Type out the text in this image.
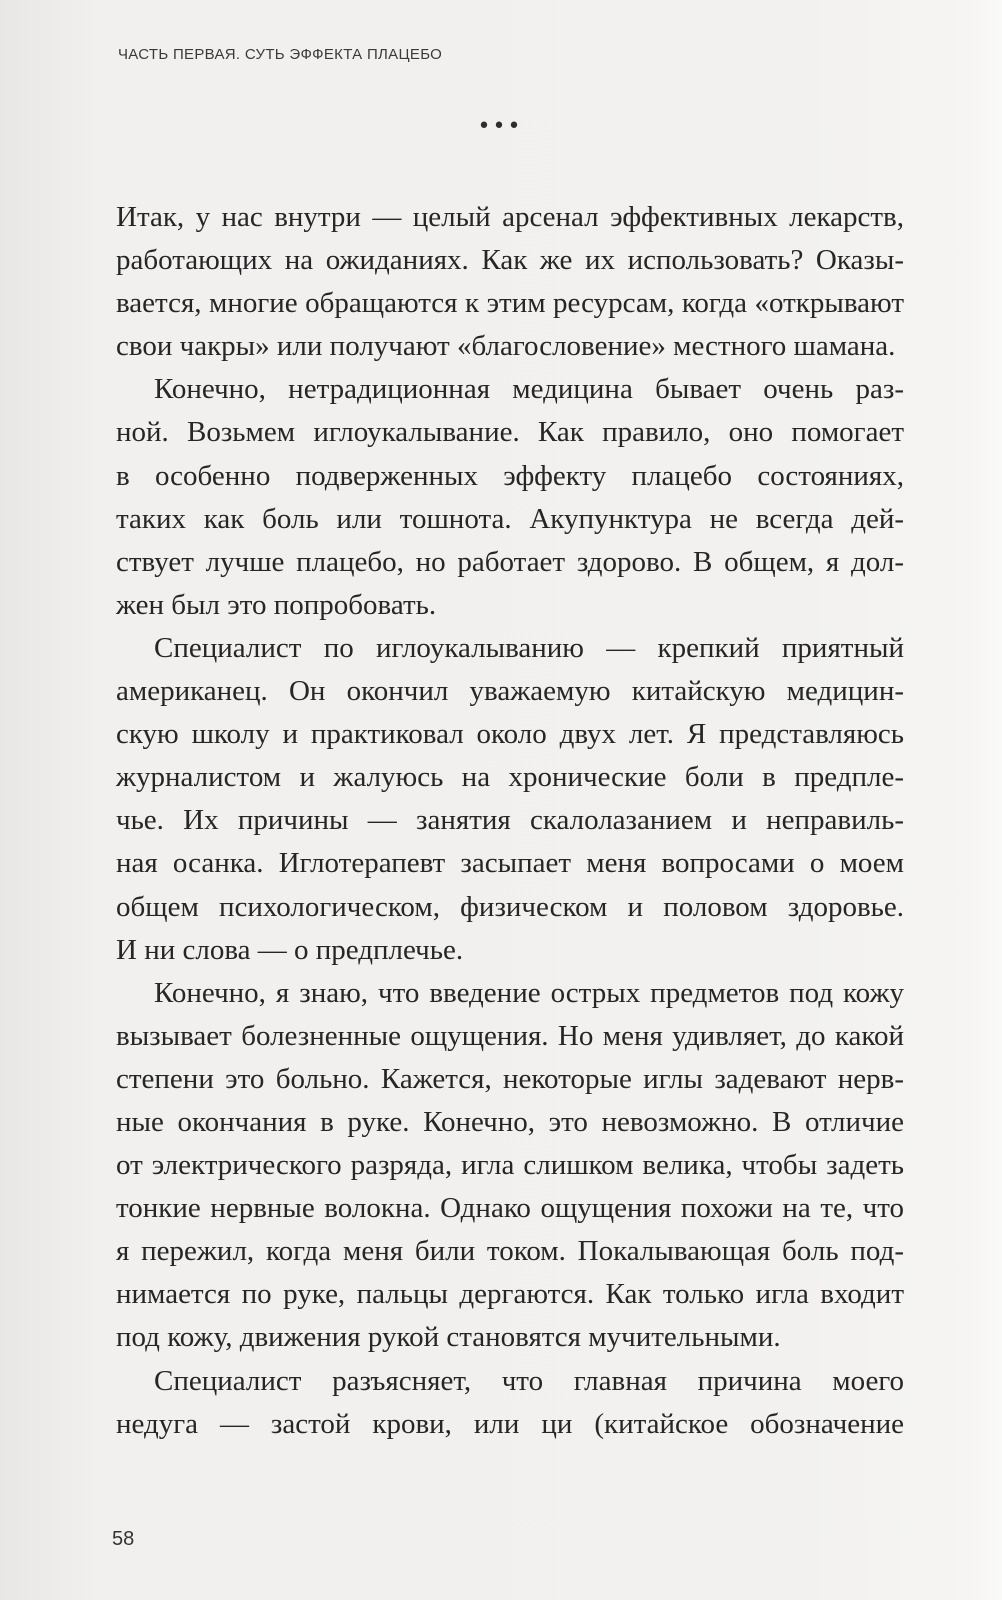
ЧАСТЬ ПЕРВАЯ. СУТЬ ЭФФЕКТА ПЛАЦЕБО
•••
Итак, у нас внутри — целый арсенал эффективных лекарств,
работающих на ожиданиях. Как же их использовать? Оказы-
вается, многие обращаются к этим ресурсам, когда «открывают
свои чакры» или получают «благословение» местного шамана.
Конечно, нетрадиционная медицина бывает очень раз-
ной. Возьмем иглоукалывание. Как правило, оно помогает
в особенно подверженных эффекту плацебо состояниях,
таких как боль или тошнота. Акупунктура не всегда дей-
ствует лучше плацебо, но работает здорово. В общем, я дол-
жен был это попробовать.
Специалист по иглоукалыванию — крепкий приятный
американец. Он окончил уважаемую китайскую медицин-
скую школу и практиковал около двух лет. Я представляюсь
журналистом и жалуюсь на хронические боли в предпле-
чье. Их причины — занятия скалолазанием и неправиль-
ная осанка. Иглотерапевт засыпает меня вопросами о моем
общем психологическом, физическом и половом здоровье.
И ни слова — о предплечье.
Конечно, я знаю, что введение острых предметов под кожу
вызывает болезненные ощущения. Но меня удивляет, до какой
степени это больно. Кажется, некоторые иглы задевают нерв-
ные окончания в руке. Конечно, это невозможно. В отличие
от электрического разряда, игла слишком велика, чтобы задеть
тонкие нервные волокна. Однако ощущения похожи на те, что
я пережил, когда меня били током. Покалывающая боль под-
нимается по руке, пальцы дергаются. Как только игла входит
под кожу, движения рукой становятся мучительными.
Специалист разъясняет, что главная причина моего
недуга — застой крови, или ци (китайское обозначение
58
